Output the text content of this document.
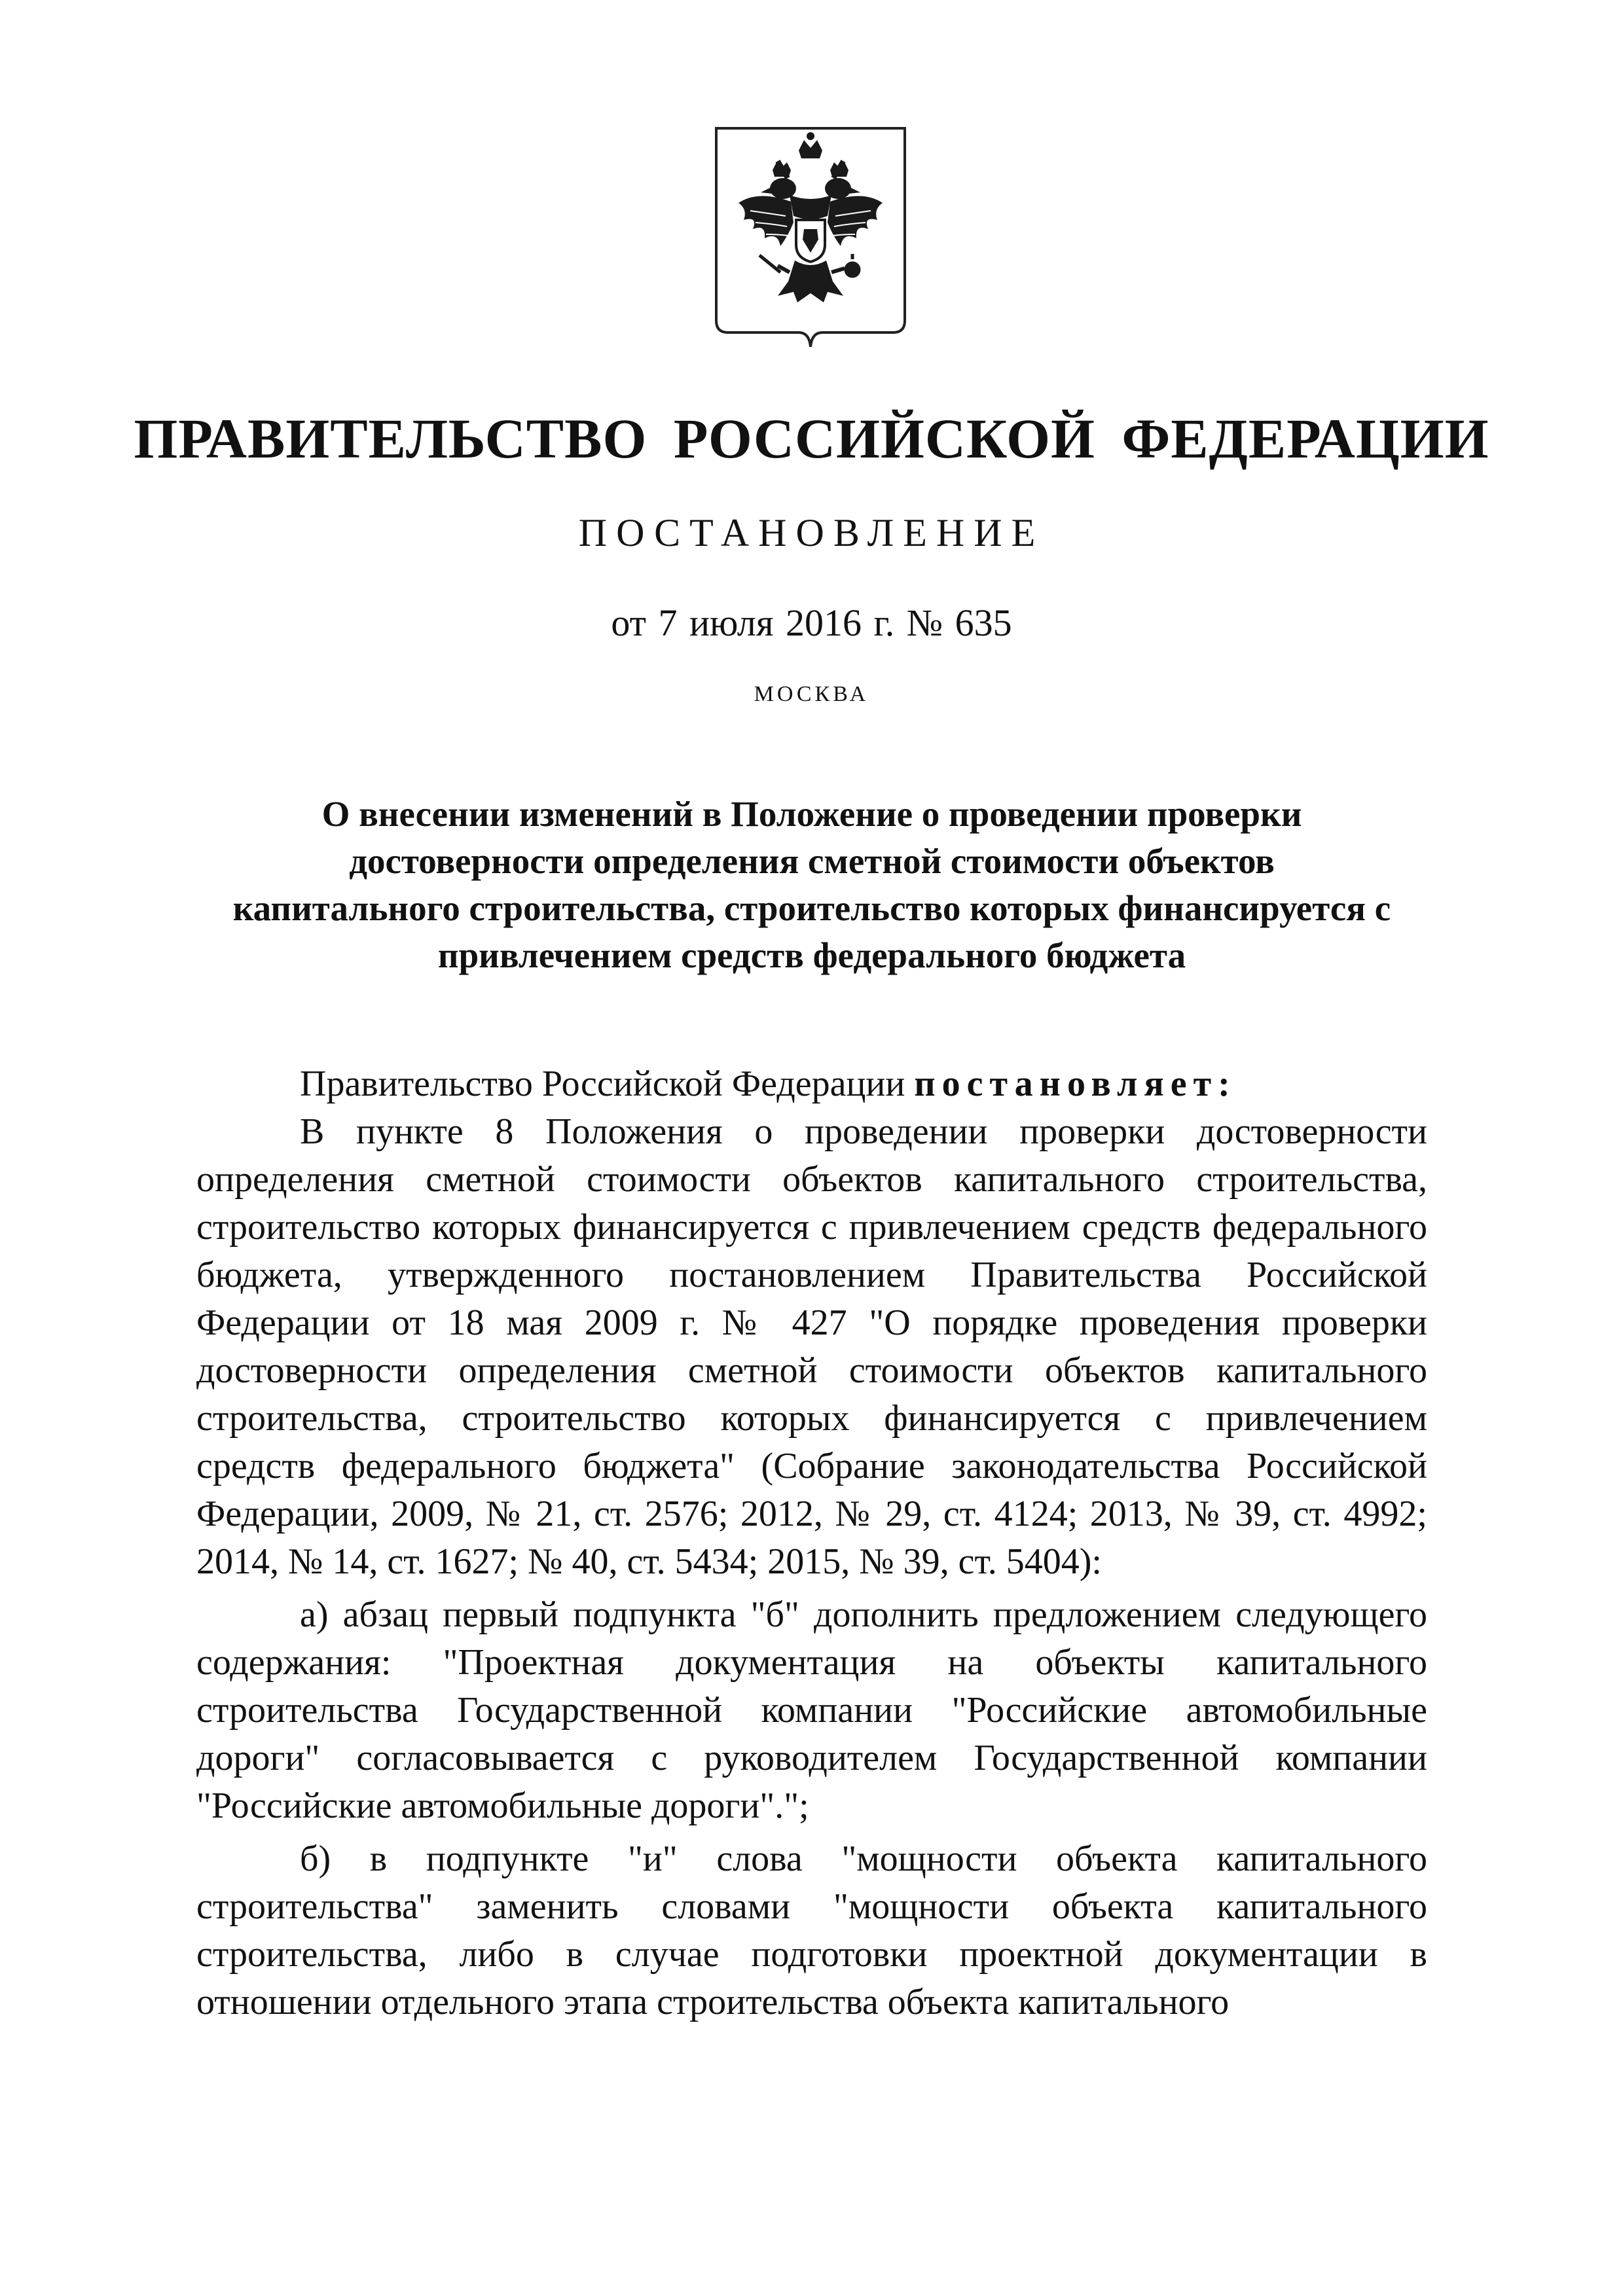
ПРАВИТЕЛЬСТВО РОССИЙСКОЙ ФЕДЕРАЦИИ
ПОСТАНОВЛЕНИЕ
от 7 июля 2016 г. № 635
МОСКВА
О внесении изменений в Положение о проведении проверки
достоверности определения сметной стоимости объектов
капитального строительства, строительство которых финансируется с
привлечением средств федерального бюджета

Правительство Российской Федерации постановляет:

В пункте 8 Положения о проведении проверки достоверности определения сметной стоимости объектов капитального строительства, строительство которых финансируется с привлечением средств федерального бюджета, утвержденного постановлением Правительства Российской Федерации от 18 мая 2009 г. № 427 "О порядке проведения проверки достоверности определения сметной стоимости объектов капитального строительства, строительство которых финансируется с привлечением средств федерального бюджета" (Собрание законодательства Российской Федерации, 2009, № 21, ст. 2576; 2012, № 29, ст. 4124; 2013, № 39, ст. 4992; 2014, № 14, ст. 1627; № 40, ст. 5434; 2015, № 39, ст. 5404):

а) абзац первый подпункта "б" дополнить предложением следующего содержания: "Проектная документация на объекты капитального строительства Государственной компании "Российские автомобильные дороги" согласовывается с руководителем Государственной компании "Российские автомобильные дороги".";

б) в подпункте "и" слова "мощности объекта капитального строительства" заменить словами "мощности объекта капитального строительства, либо в случае подготовки проектной документации в отношении отдельного этапа строительства объекта капитального
